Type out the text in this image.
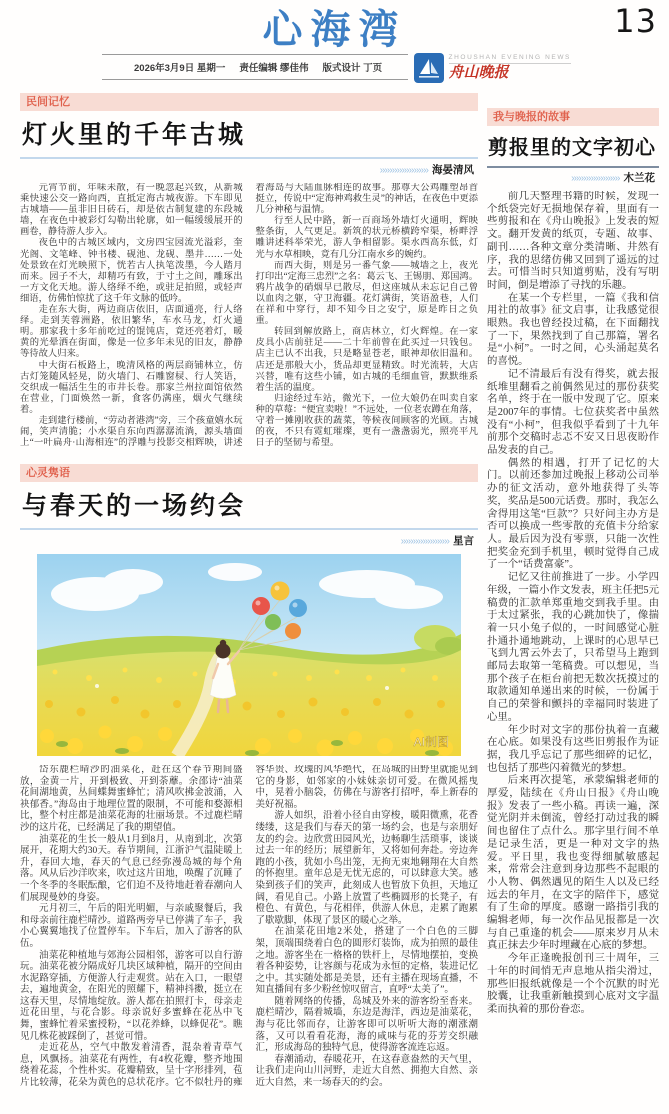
13
心海湾
2026年3月9日 星期一 责任编辑 缪佳伟 版式设计 丁页
ZHOUSHAN EVENING NEWS
舟山晚报
民间记忆
灯火里的千年古城
»»»»»»»»»» 海晏清风

元宵节前，年味未散，有一晚忽起兴致，从新城乘快速公交一路向西，直抵定海古城夜游。下车即见古城墙——虽非旧日砖石，却是依古制复建的东段城墙，在夜色中被彩灯勾勒出轮廓，如一幅缓缓展开的画卷，静待游人步入。

夜色中的古城区域内，文房四宝园流光溢彩，奎光阁、文笔峰、钟书楼、砚池、龙砚、墨井……一处处景致在灯光映照下，恍若古人执笔泼墨，今人踏月而来。园子不大，却精巧有致，于寸土之间，雕琢出一方文化天地。游人络绎不绝，或驻足拍照，或轻声细语，仿佛怕惊扰了这千年文脉的低吟。

走在东大街，两边商店依旧，店面通亮，行人络绎。走到芙蓉洲路，依旧繁华，车水马龙，灯火通明。那家我十多年前吃过的馄饨店，竟还亮着灯，暖黄的光晕洒在街面，像是一位多年未见的旧友，静静等待故人归来。

中大街石板路上，晚清风格的两层商铺林立，仿古灯笼随风轻晃，防火墙门、石雕窗棂、行人笑语，交织成一幅活生生的市井长卷。那家兰州拉面馆依然在营业，门面焕然一新，食客仍满座，烟火气继续着。

走到建行楼前，“劳动者港湾”旁，三个孩童嬉水玩闹，笑声清脆；小水渠自东向西潺潺流淌，源头墙面上“一叶扁舟·山海相连”的浮雕与投影交相辉映，讲述着海岛与大陆血脉相连的故事。那尊大公鸡雕塑昂首挺立，传说中“定海神鸡救生灵”的神话，在夜色中更添几分神秘与温情。

行至人民中路，新一百商场外墙灯火通明，辉映整条街，人气更足。新筑的状元桥横跨窄渠，桥畔浮雕讲述科举荣光，游人争相留影。渠水西高东低，灯光与水草相映，竟有几分江南水乡的婉约。

而西大街，则是另一番气象——城墙之上，夜光打印出“定海三忠烈”之名：葛云飞、王锡朋、郑国鸿。鸦片战争的硝烟早已散尽，但这座城从未忘记自己曾以血肉之躯，守卫海疆。花灯满街，笑语盈巷，人们在祥和中穿行，却不知今日之安宁，原是昨日之负重。

转回到解放路上，商店林立，灯火辉煌。在一家皮具小店前驻足——二十年前曾在此买过一只钱包。店主已认不出我，只是略显苍老，眼神却依旧温和。店还是那般大小，货品却更显精致。时光流转，大店兴替，唯有这些小铺，如古城的毛细血管，默默维系着生活的温度。

归途经过车站，微光下，一位大娘仍在叫卖自家种的草莓：“便宜卖啦！”不远处，一位老农蹲在角落，守着一摊刚收获的蔬菜，等候夜间顾客的光顾。古城的夜，不只有霓虹璀璨，更有一盏盏弱光，照亮平凡日子的坚韧与希望。

心灵隽语
与春天的一场约会
»»»»»»»»»» 星言
AI制图

岱东鹿栏晴沙的油菜花，赶在这个春节期间盛放，金黄一片，开到极致、开到荼蘼。余邵诗“油菜花间湖地黄，丛间蝶舞蜜蜂忙；清风吹拂金波涌，入袂郁香。”海岛由于地理位置的限制，不可能和婺源相比，整个村庄都是油菜花海的壮丽场景。不过鹿栏晴沙的这片花，已经满足了我的期望值。

油菜花的生长一般从1月到8月，从南到北，次第展开，花期大约30天。春节期间，江浙沪气温陡暖上升，春回大地，春天的气息已经弥漫岛城的每个角落。风从后沙洋吹来，吹过这片田地，唤醒了沉睡了一个冬季的冬眠酝酿，它们迫不及待地赶着春潮向人们展现曼妙的身姿。

元月初三，午后的阳光明媚，与亲戚聚餐后，我和母亲前往鹿栏晴沙。道路两旁早已停满了车子，我小心翼翼地找了位置停车。下车后，加入了游客的队伍。

油菜花种植地与郊海公园相邻，游客可以自行游玩。油菜花被分隔成好几块区域种植，隔开的空间由水泥路穿插，方便游人行走观赏。站在入口，一眼望去，遍地黄金，在阳光的照耀下，精神抖擞，挺立在这春天里，尽情地绽放。游人都在拍照打卡，母亲走近花田里，与花合影。母亲说好多蜜蜂在花丛中飞舞，蜜蜂忙着采蜜授粉，“以花养蜂，以蜂促花”。瞧见几株花被踩倒了，甚觉可惜。

走近花丛，空气中散发着清香，混杂着青草气息，风飘扬。油菜花有两性，有4枚花瓣，整齐地围绕着花蕊，个性朴实。花瓣精致，呈十字形排列，苞片比较薄，花朵为黄色的总状花序。它不似牡丹的雍容华贵、玫瑰的风华绝代，在岛城的田野里就能见到它的身影，如邻家的小妹妹亲切可爱。在微风摇曳中，晃着小脑袋，仿佛在与游客打招呼，奉上新春的美好祝福。

游人如织，沿着小径自由穿梭，暖阳微熏，花香缕缕，这是我们与春天的第一场约会，也是与亲朋好友的约会。边欣赏田园风光，边畅聊生活琐事，谈谈过去一年的经历；展望新年，又将如何奔赴。旁边奔跑的小孩，犹如小鸟出笼，无拘无束地翱翔在大自然的怀抱里。童年总是无忧无虑的，可以肆意大笑。感染到孩子们的笑声，此刻成人也暂放下负担，天地辽阔，看见自己。小路上放置了些椭圆形的长凳子，有橙色、有黄色，与花相伴，供游人休息，走累了跑累了歇歇脚，体现了景区的暖心之举。

在油菜花田地2米处，搭建了一个白色的三脚架，顶端围绕着白色的圆形灯装饰，成为拍照的最佳之地。游客坐在一格格的铁杆上，尽情地摆拍，变换着各种姿势，让容颜与花成为永恒的定格，装进记忆之中。其实随处都是美景，还有主播在现场直播，不知直播间有多少粉丝惊叹留言，直呼“太美了”。

随着网络的传播，岛城及外来的游客纷至沓来。鹿栏晴沙，隔着城墙，东边是海洋，西边是油菜花，海与花比邻而存，让游客即可以听听大海的潮涨潮落，又可以看看花海，海的咸味与花的芬芳交织融汇，形成海岛的独特气息，使得游客流连忘返。

春潮涌动，春暖花开，在这春意盎然的天气里，让我们走向山川河野，走近大自然、拥抱大自然、亲近大自然，来一场春天的约会。

我与晚报的故事
剪报里的文字初心
»»»»»»»»»» 木兰花

前几天整理书籍的时候，发现一个纸袋完好无损地保存着，里面有一些剪报和在《舟山晚报》上发表的短文。翻开发黄的纸页，专题、故事、副刊……各种文章分类清晰、井然有序，我的思绪仿佛又回到了遥远的过去。可惜当时只知道剪贴，没有写明时间，倒是增添了寻找的乐趣。

在某一个专栏里，一篇《我和信用社的故事》征文启事，让我感觉很眼熟。我也曾经投过稿，在下面翻找了一下，果然找到了自己那篇，署名是“小柯”。一时之间，心头涌起莫名的喜悦。

记不清最后有没有得奖，就去报纸堆里翻看之前偶然见过的那份获奖名单，终于在一版中发现了它。原来是2007年的事情。七位获奖者中虽然没有“小柯”，但我似乎看到了十九年前那个交稿时忐忑不安又日思夜盼作品发表的自己。

偶然的相遇，打开了记忆的大门。以前还参加过晚报上移动公司举办的征文活动，意外地获得了头等奖，奖品是500元话费。那时，我怎么舍得用这笔“巨款”？只好问主办方是否可以换成一些零散的充值卡分给家人。最后因为没有零票，只能一次性把奖金充到手机里，顿时觉得自己成了一个“话费富豪”。

记忆又往前推进了一步。小学四年级，一篇小作文发表，班主任把5元稿费的汇款单郑重地交到我手里。由于太过紧张，我的心跳加快了，像揣着一只小兔子似的，一时间感觉心脏扑通扑通地跳动，上课时的心思早已飞到九霄云外去了，只希望马上跑到邮局去取第一笔稿费。可以想见，当那个孩子在柜台前把无数次抚摸过的取款通知单递出来的时候，一份属于自己的荣誉和颤抖的幸福同时装进了心里。

年少时对文字的那份执着一直藏在心底。如果没有这些旧剪报作为证据，我几乎忘记了那些细碎的记忆，也包括了那些闪着微光的梦想。

后来再次提笔，承蒙编辑老师的厚爱，陆续在《舟山日报》《舟山晚报》发表了一些小稿。再读一遍，深觉光阴并未倒流，曾经打动过我的瞬间也留住了点什么。那字里行间不单是记录生活，更是一种对文字的热爱。平日里，我也变得细腻敏感起来，常常会注意到身边那些不起眼的小人物、偶然遇见的陌生人以及已经远去的年月，在文字的陪伴下，感觉有了生命的厚度。感谢一路指引我的编辑老师，每一次作品见报都是一次与自己重逢的机会——原来岁月从未真正抹去少年时埋藏在心底的梦想。

今年正逢晚报创刊三十周年，三十年的时间悄无声息地从指尖滑过，那些旧报纸就像是一个个沉默的时光胶囊，让我重新触摸到心底对文字温柔而执着的那份眷恋。
